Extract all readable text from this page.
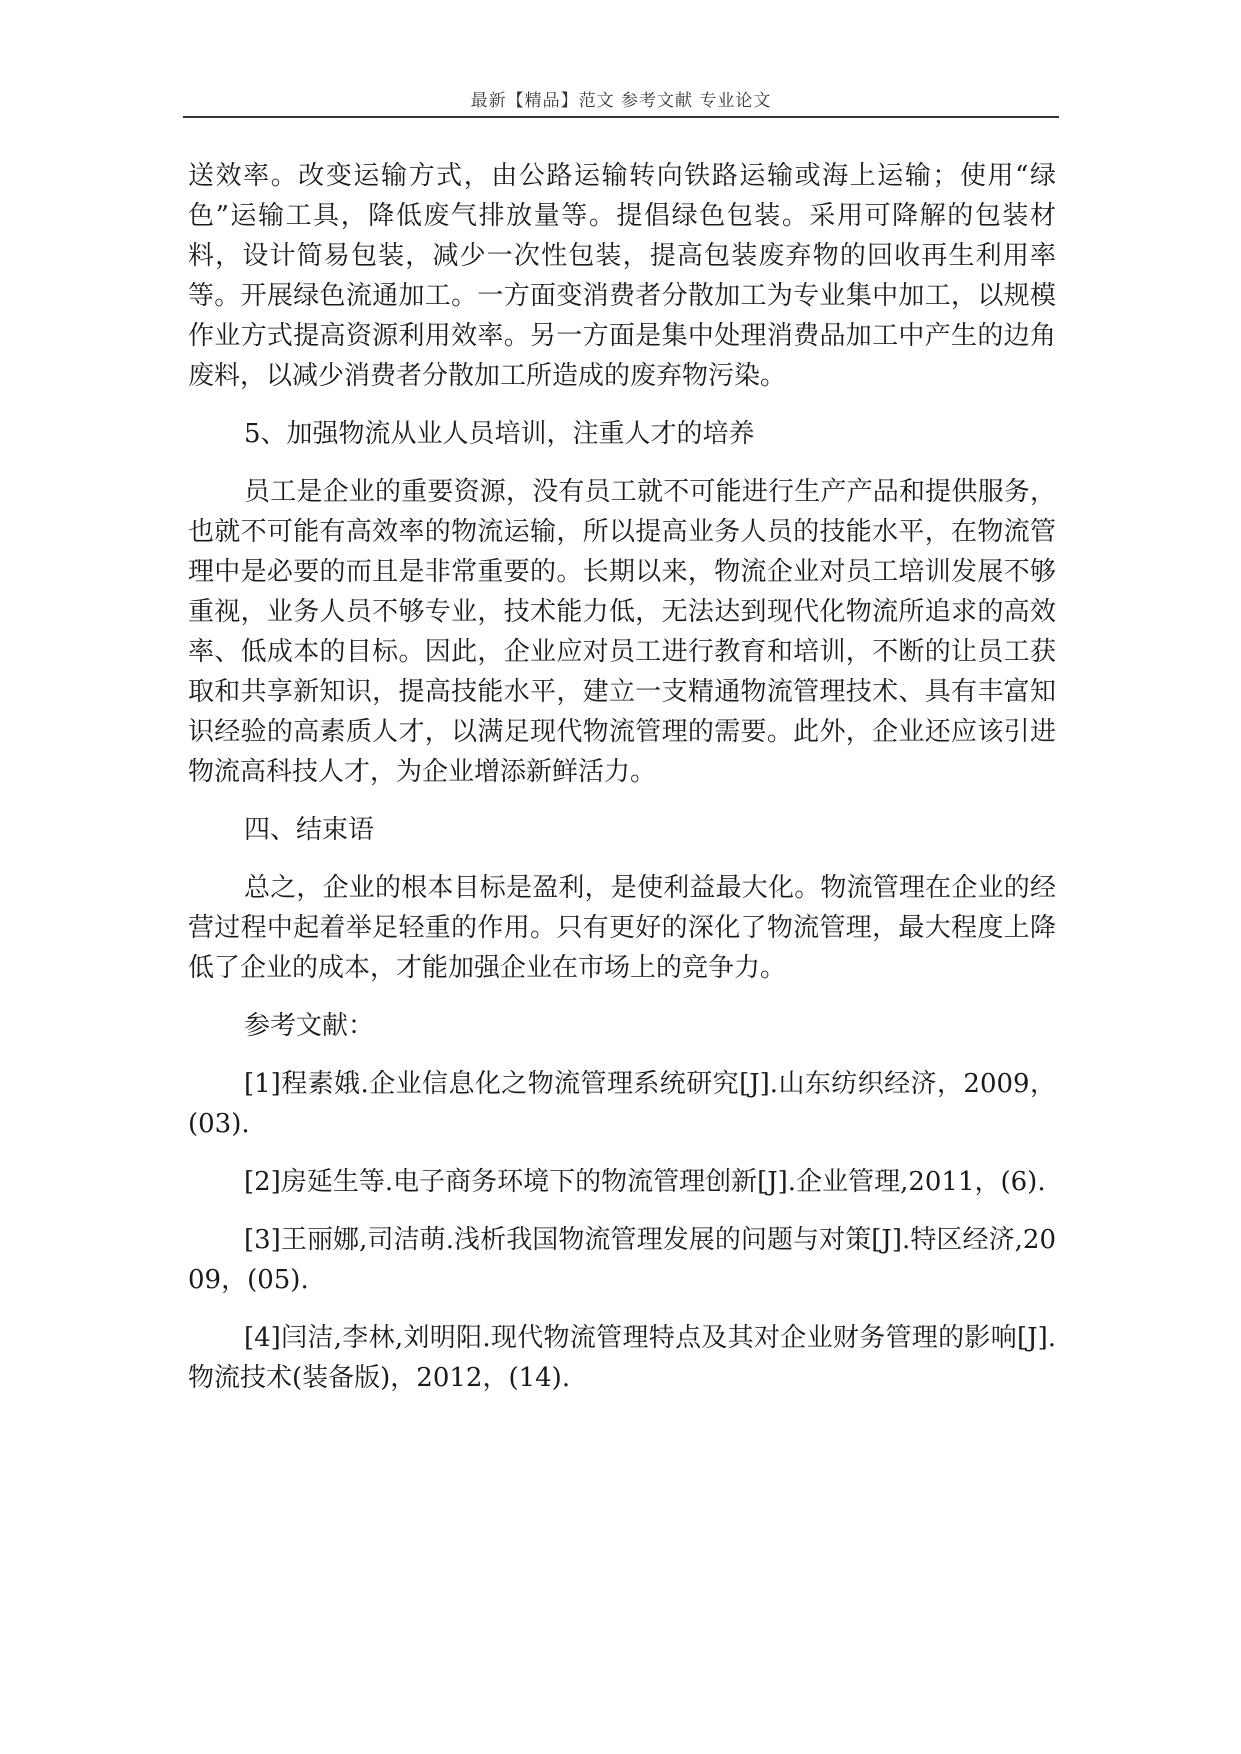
最新【精品】范文 参考文献 专业论文

送效率。改变运输方式，由公路运输转向铁路运输或海上运输；使用“绿色”运输工具，降低废气排放量等。提倡绿色包装。采用可降解的包装材料，设计简易包装，减少一次性包装，提高包装废弃物的回收再生利用率等。开展绿色流通加工。一方面变消费者分散加工为专业集中加工，以规模作业方式提高资源利用效率。另一方面是集中处理消费品加工中产生的边角废料，以减少消费者分散加工所造成的废弃物污染。

5、加强物流从业人员培训，注重人才的培养

员工是企业的重要资源，没有员工就不可能进行生产产品和提供服务，也就不可能有高效率的物流运输，所以提高业务人员的技能水平，在物流管理中是必要的而且是非常重要的。长期以来，物流企业对员工培训发展不够重视，业务人员不够专业，技术能力低，无法达到现代化物流所追求的高效率、低成本的目标。因此，企业应对员工进行教育和培训，不断的让员工获取和共享新知识，提高技能水平，建立一支精通物流管理技术、具有丰富知识经验的高素质人才，以满足现代物流管理的需要。此外，企业还应该引进物流高科技人才，为企业增添新鲜活力。

四、结束语

总之，企业的根本目标是盈利，是使利益最大化。物流管理在企业的经营过程中起着举足轻重的作用。只有更好的深化了物流管理，最大程度上降低了企业的成本，才能加强企业在市场上的竞争力。

参考文献：

[1]程素娥.企业信息化之物流管理系统研究[J].山东纺织经济，2009，(03).

[2]房延生等.电子商务环境下的物流管理创新[J].企业管理,2011，(6).

[3]王丽娜,司洁萌.浅析我国物流管理发展的问题与对策[J].特区经济,2009，(05).

[4]闫洁,李林,刘明阳.现代物流管理特点及其对企业财务管理的影响[J].物流技术(装备版)，2012，(14).
